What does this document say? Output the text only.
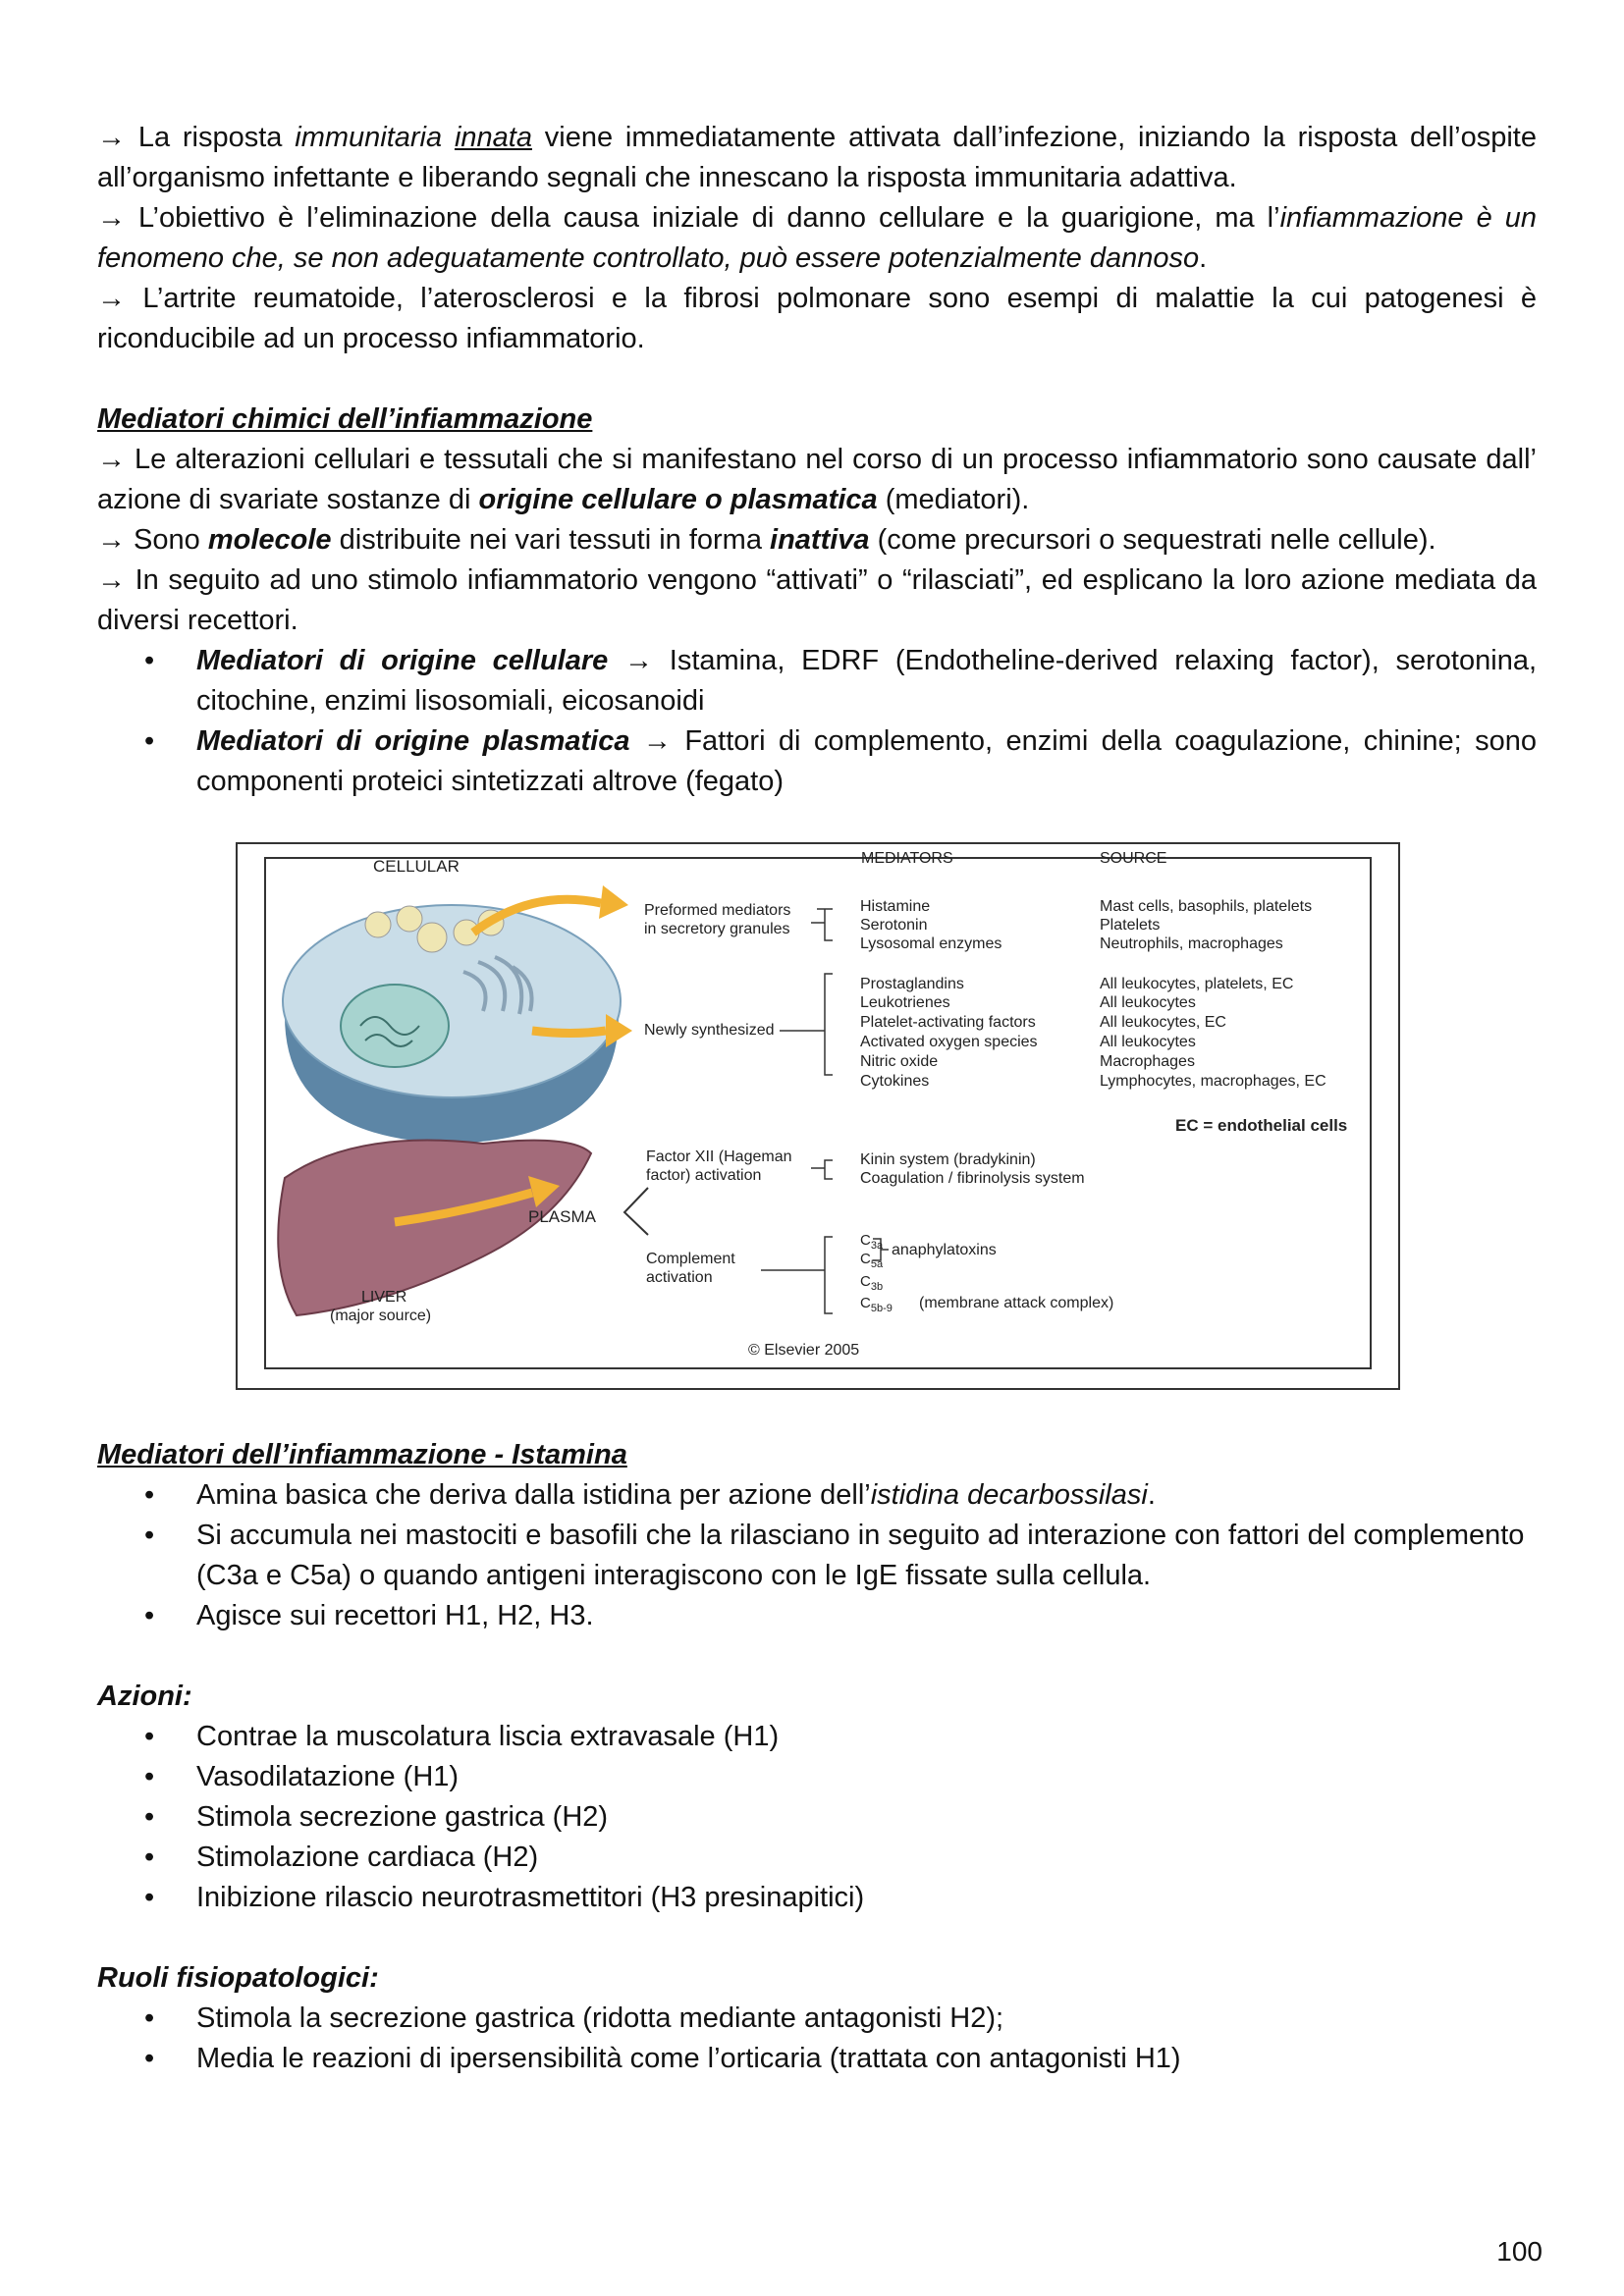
→ La risposta immunitaria innata viene immediatamente attivata dall’infezione, iniziando la risposta dell’ospite all’organismo infettante e liberando segnali che innescano la risposta immunitaria adattiva.

→ L’obiettivo è l’eliminazione della causa iniziale di danno cellulare e la guarigione, ma l’infiammazione è un fenomeno che, se non adeguatamente controllato, può essere potenzialmente dannoso.

→ L’artrite reumatoide, l’aterosclerosi e la fibrosi polmonare sono esempi di malattie la cui patogenesi è riconducibile ad un processo infiammatorio.

Mediatori chimici dell’infiammazione

→ Le alterazioni cellulari e tessutali che si manifestano nel corso di un processo infiammatorio sono causate dall’ azione di svariate sostanze di origine cellulare o plasmatica (mediatori).

→ Sono molecole distribuite nei vari tessuti in forma inattiva (come precursori o sequestrati nelle cellule).

→ In seguito ad uno stimolo infiammatorio vengono “attivati” o “rilasciati”, ed esplicano la loro azione mediata da diversi recettori.

• Mediatori di origine cellulare → Istamina, EDRF (Endotheline-derived relaxing factor), serotonina, citochine, enzimi lisosomiali, eicosanoidi
• Mediatori di origine plasmatica → Fattori di complemento, enzimi della coagulazione, chinine; sono componenti proteici sintetizzati altrove (fegato)
CELLULAR	MEDIATORS	SOURCE
Preformed mediators
in secretory granules
Newly synthesized
Factor XII (Hageman
factor) activation
Complement
activation
PLASMA
LIVER
(major source)
Histamine
Serotonin
Lysosomal enzymes
Prostaglandins
Leukotrienes
Platelet-activating factors
Activated oxygen species
Nitric oxide
Cytokines
Kinin system (bradykinin)
Coagulation / fibrinolysis system
$C_{3a}$
$C_{5a}$
$C_{3b}$
$C_{5b-9}$
anaphylatoxins
(membrane attack complex)
Mast cells, basophils, platelets
Platelets
Neutrophils, macrophages
All leukocytes, platelets, EC
All leukocytes
All leukocytes, EC
All leukocytes
Macrophages
Lymphocytes, macrophages, EC
EC = endothelial cells
© Elsevier 2005

Mediatori dell’infiammazione - Istamina

• Amina basica che deriva dalla istidina per azione dell’istidina decarbossilasi.
• Si accumula nei mastociti e basofili che la rilasciano in seguito ad interazione con fattori del complemento (C3a e C5a) o quando antigeni interagiscono con le IgE fissate sulla cellula.
• Agisce sui recettori H1, H2, H3.

Azioni:

• Contrae la muscolatura liscia extravasale (H1)
• Vasodilatazione (H1)
• Stimola secrezione gastrica (H2)
• Stimolazione cardiaca (H2)
• Inibizione rilascio neurotrasmettitori (H3 presinapitici)

Ruoli fisiopatologici:

• Stimola la secrezione gastrica (ridotta mediante antagonisti H2);
• Media le reazioni di ipersensibilità come l’orticaria (trattata con antagonisti H1)
100
